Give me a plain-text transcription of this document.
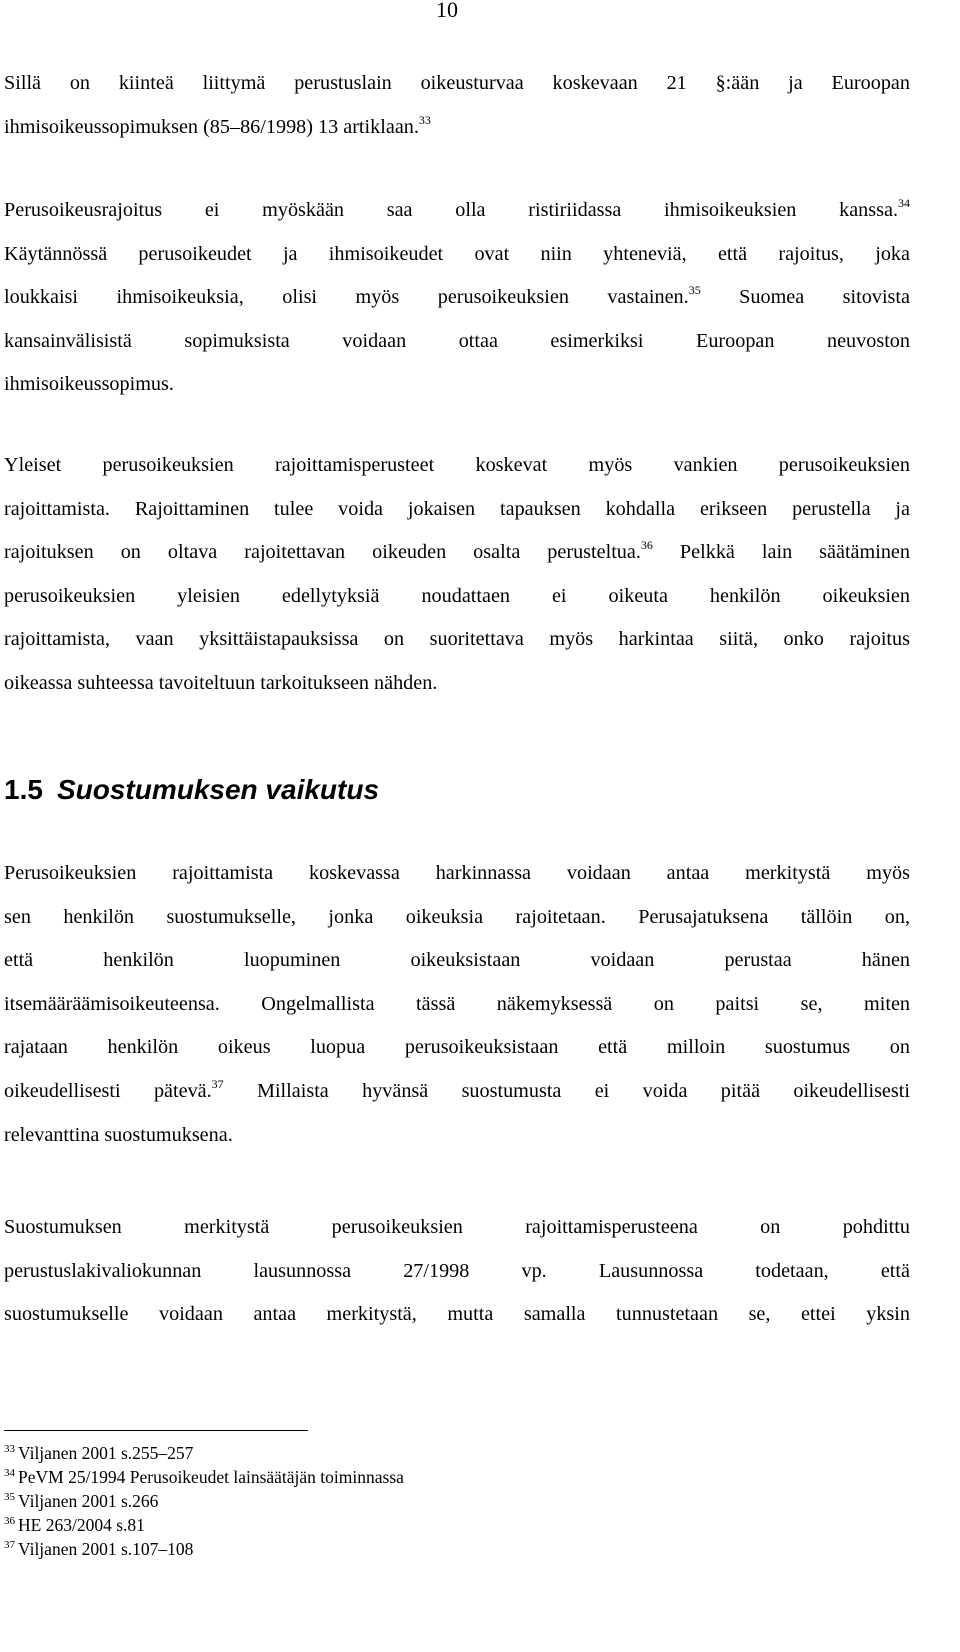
10

Sillä on kiinteä liittymä perustuslain oikeusturvaa koskevaan 21 §:ään ja Euroopan
ihmisoikeussopimuksen (85–86/1998) 13 artiklaan.$^{33}$

Perusoikeusrajoitus ei myöskään saa olla ristiriidassa ihmisoikeuksien kanssa.$^{34}$
Käytännössä perusoikeudet ja ihmisoikeudet ovat niin yhteneviä, että rajoitus, joka
loukkaisi ihmisoikeuksia, olisi myös perusoikeuksien vastainen.$^{35}$ Suomea sitovista
kansainvälisistä sopimuksista voidaan ottaa esimerkiksi Euroopan neuvoston
ihmisoikeussopimus.

Yleiset perusoikeuksien rajoittamisperusteet koskevat myös vankien perusoikeuksien
rajoittamista. Rajoittaminen tulee voida jokaisen tapauksen kohdalla erikseen perustella ja
rajoituksen on oltava rajoitettavan oikeuden osalta perusteltua.$^{36}$ Pelkkä lain säätäminen
perusoikeuksien yleisien edellytyksiä noudattaen ei oikeuta henkilön oikeuksien
rajoittamista, vaan yksittäistapauksissa on suoritettava myös harkintaa siitä, onko rajoitus
oikeassa suhteessa tavoiteltuun tarkoitukseen nähden.

1.5 Suostumuksen vaikutus

Perusoikeuksien rajoittamista koskevassa harkinnassa voidaan antaa merkitystä myös
sen henkilön suostumukselle, jonka oikeuksia rajoitetaan. Perusajatuksena tällöin on,
että henkilön luopuminen oikeuksistaan voidaan perustaa hänen
itsemääräämisoikeuteensa. Ongelmallista tässä näkemyksessä on paitsi se, miten
rajataan henkilön oikeus luopua perusoikeuksistaan että milloin suostumus on
oikeudellisesti pätevä.$^{37}$ Millaista hyvänsä suostumusta ei voida pitää oikeudellisesti
relevanttina suostumuksena.

Suostumuksen merkitystä perusoikeuksien rajoittamisperusteena on pohdittu
perustuslakivaliokunnan lausunnossa 27/1998 vp. Lausunnossa todetaan, että
suostumukselle voidaan antaa merkitystä, mutta samalla tunnustetaan se, ettei yksin

$^{33}$ Viljanen 2001 s.255–257
$^{34}$ PeVM 25/1994 Perusoikeudet lainsäätäjän toiminnassa
$^{35}$ Viljanen 2001 s.266
$^{36}$ HE 263/2004 s.81
$^{37}$ Viljanen 2001 s.107–108
